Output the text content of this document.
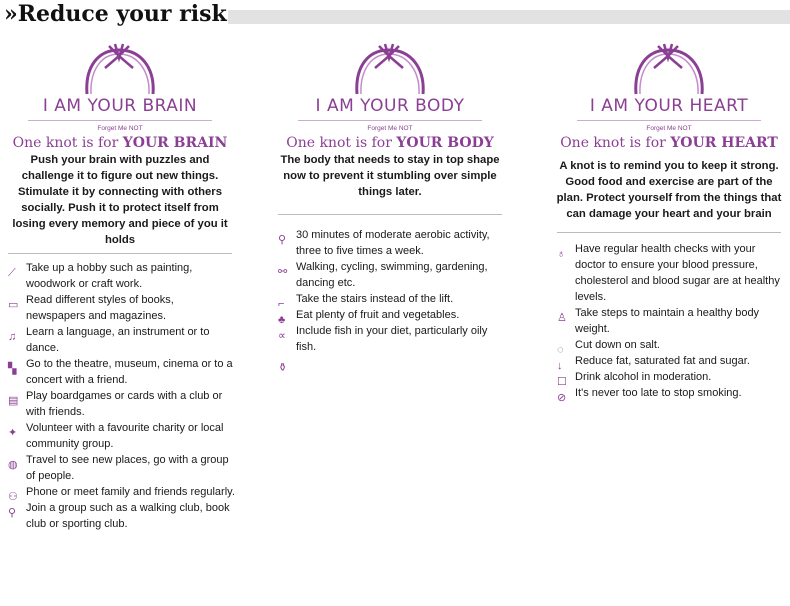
»Reduce your risk
I AM YOUR BRAIN
Forget Me NOT
One knot is for YOUR BRAIN
Push your brain with puzzles and challenge it to figure out new things. Stimulate it by connecting with others socially. Push it to protect itself from losing every memory and piece of you it holds
⟋ Take up a hobby such as painting, woodwork or craft work.
▭ Read different styles of books, newspapers and magazines.
♫ Learn a language, an instrument or to dance.
▚ Go to the theatre, museum, cinema or to a concert with a friend.
▤ Play boardgames or cards with a club or with friends.
✦ Volunteer with a favourite charity or local community group.
◍ Travel to see new places, go with a group of people.
⚇ Phone or meet family and friends regularly.
⚲ Join a group such as a walking club, book club or sporting club.
I AM YOUR BODY
Forget Me NOT
One knot is for YOUR BODY
The body that needs to stay in top shape now to prevent it stumbling over simple things later.
⚲ 30 minutes of moderate aerobic activity, three to five times a week.
⚯ Walking, cycling, swimming, gardening, dancing etc.
⌐ Take the stairs instead of the lift.
♣ Eat plenty of fruit and vegetables.
∝ Include fish in your diet, particularly oily fish.
⚱
I AM YOUR HEART
Forget Me NOT
One knot is for YOUR HEART
A knot is to remind you to keep it strong. Good food and exercise are part of the plan. Protect yourself from the things that can damage your heart and your brain
♁ Have regular health checks with your doctor to ensure your blood pressure, cholesterol and blood sugar are at healthy levels.
♙ Take steps to maintain a healthy body weight.
◌ Cut down on salt.
↓ Reduce fat, saturated fat and sugar.
☐ Drink alcohol in moderation.
⊘ It's never too late to stop smoking.
